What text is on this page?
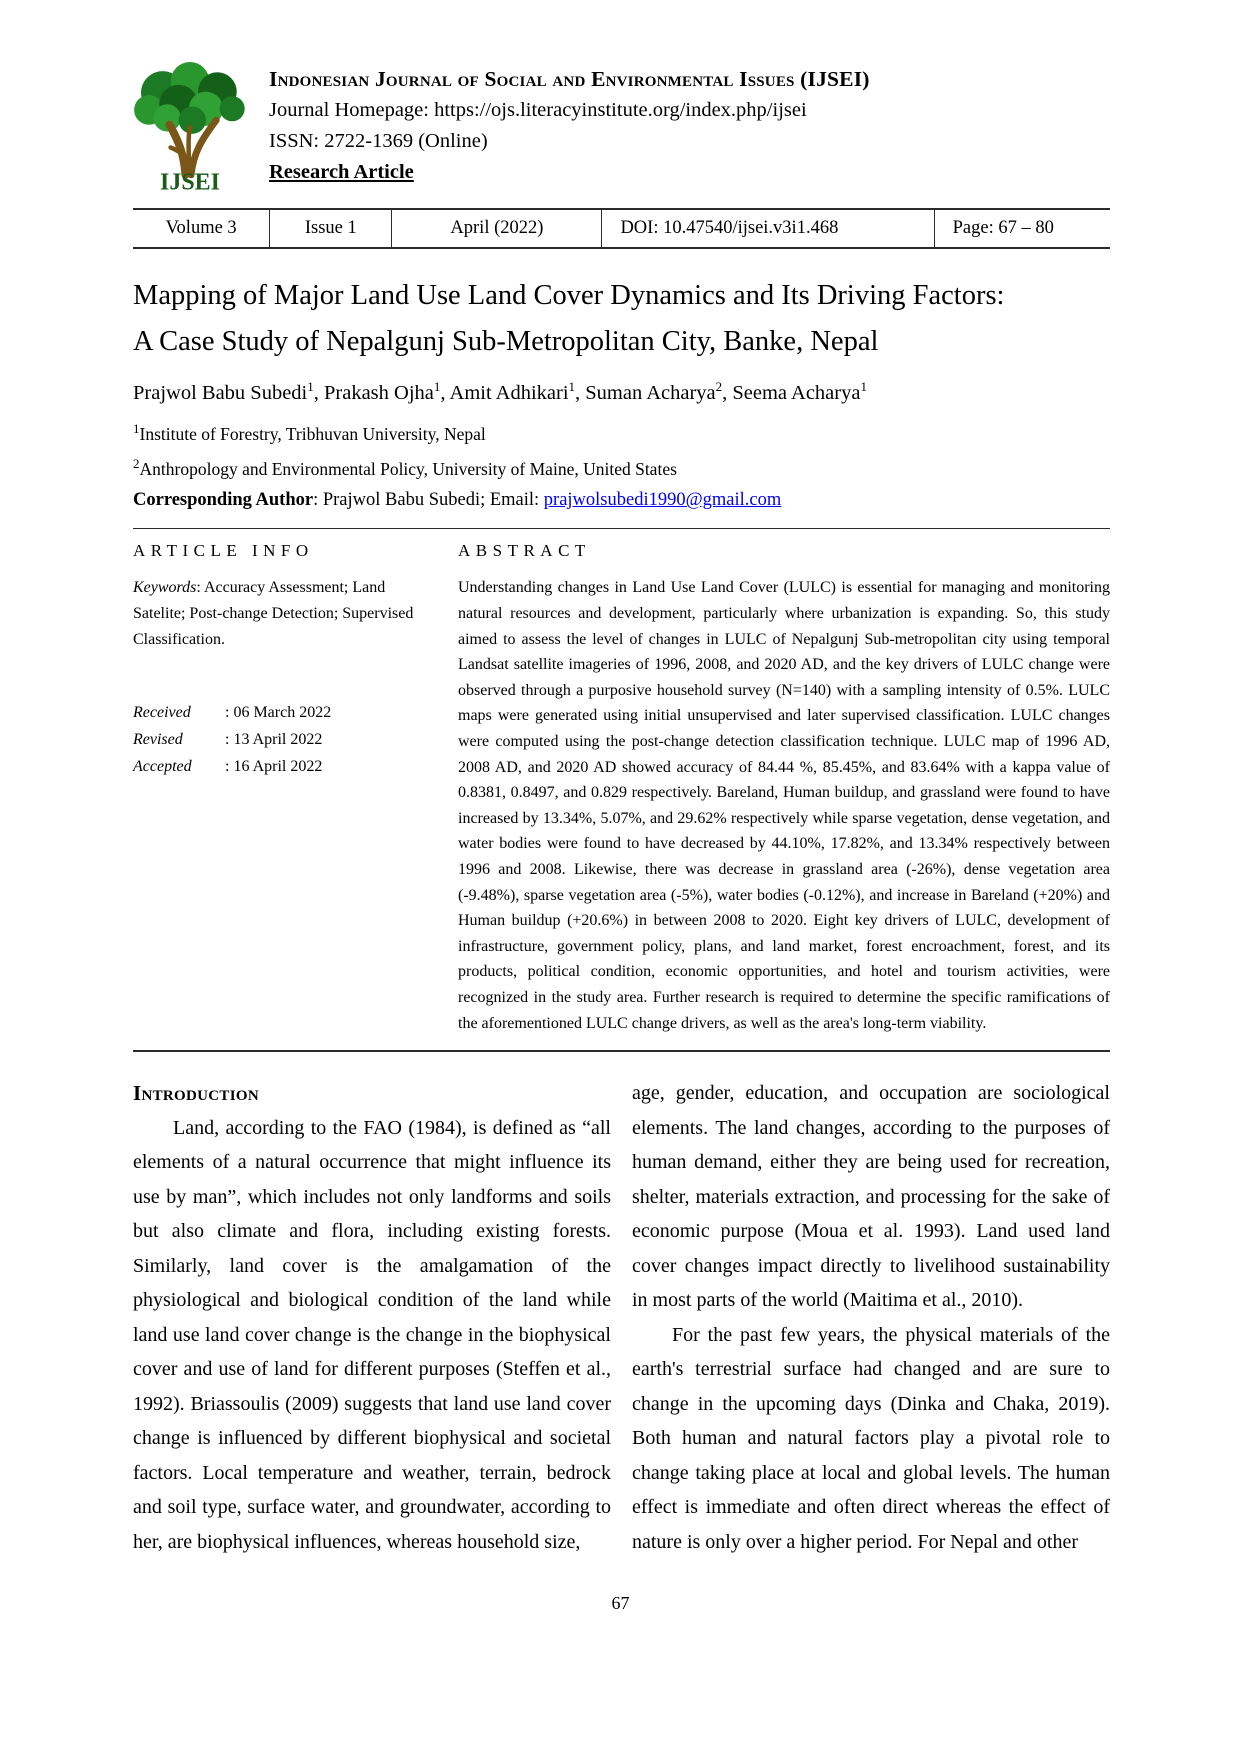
IJSEI
Indonesian Journal of Social and Environmental Issues (IJSEI)
Journal Homepage: https://ojs.literacyinstitute.org/index.php/ijsei
ISSN: 2722-1369 (Online)
Research Article
Volume 3	Issue 1	April (2022)	DOI: 10.47540/ijsei.v3i1.468	Page: 67 – 80
Mapping of Major Land Use Land Cover Dynamics and Its Driving Factors:
A Case Study of Nepalgunj Sub-Metropolitan City, Banke, Nepal
Prajwol Babu Subedi$^1$, Prakash Ojha$^1$, Amit Adhikari$^1$, Suman Acharya$^2$, Seema Acharya$^1$
$^1$Institute of Forestry, Tribhuvan University, Nepal
$^2$Anthropology and Environmental Policy, University of Maine, United States
Corresponding Author: Prajwol Babu Subedi; Email: prajwolsubedi1990@gmail.com
ARTICLE INFO
Keywords: Accuracy Assessment; Land Satelite; Post-change Detection; Supervised Classification.
Received : 06 March 2022
Revised	: 13 April 2022
Accepted : 16 April 2022
ABSTRACT
Understanding changes in Land Use Land Cover (LULC) is essential for managing and monitoring natural resources and development, particularly where urbanization is expanding. So, this study aimed to assess the level of changes in LULC of Nepalgunj Sub-metropolitan city using temporal Landsat satellite imageries of 1996, 2008, and 2020 AD, and the key drivers of LULC change were observed through a purposive household survey (N=140) with a sampling intensity of 0.5%. LULC maps were generated using initial unsupervised and later supervised classification. LULC changes were computed using the post-change detection classification technique. LULC map of 1996 AD, 2008 AD, and 2020 AD showed accuracy of 84.44 %, 85.45%, and 83.64% with a kappa value of 0.8381, 0.8497, and 0.829 respectively. Bareland, Human buildup, and grassland were found to have increased by 13.34%, 5.07%, and 29.62% respectively while sparse vegetation, dense vegetation, and water bodies were found to have decreased by 44.10%, 17.82%, and 13.34% respectively between 1996 and 2008. Likewise, there was decrease in grassland area (-26%), dense vegetation area (-9.48%), sparse vegetation area (-5%), water bodies (-0.12%), and increase in Bareland (+20%) and Human buildup (+20.6%) in between 2008 to 2020. Eight key drivers of LULC, development of infrastructure, government policy, plans, and land market, forest encroachment, forest, and its products, political condition, economic opportunities, and hotel and tourism activities, were recognized in the study area. Further research is required to determine the specific ramifications of the aforementioned LULC change drivers, as well as the area's long-term viability.
Introduction
Land, according to the FAO (1984), is defined as “all elements of a natural occurrence that might influence its use by man”, which includes not only landforms and soils but also climate and flora, including existing forests. Similarly, land cover is the amalgamation of the physiological and biological condition of the land while land use land cover change is the change in the biophysical cover and use of land for different purposes (Steffen et al., 1992). Briassoulis (2009) suggests that land use land cover change is influenced by different biophysical and societal factors. Local temperature and weather, terrain, bedrock and soil type, surface water, and groundwater, according to her, are biophysical influences, whereas household size,
age, gender, education, and occupation are sociological elements. The land changes, according to the purposes of human demand, either they are being used for recreation, shelter, materials extraction, and processing for the sake of economic purpose (Moua et al. 1993). Land used land cover changes impact directly to livelihood sustainability in most parts of the world (Maitima et al., 2010).
For the past few years, the physical materials of the earth's terrestrial surface had changed and are sure to change in the upcoming days (Dinka and Chaka, 2019). Both human and natural factors play a pivotal role to change taking place at local and global levels. The human effect is immediate and often direct whereas the effect of nature is only over a higher period. For Nepal and other
67
